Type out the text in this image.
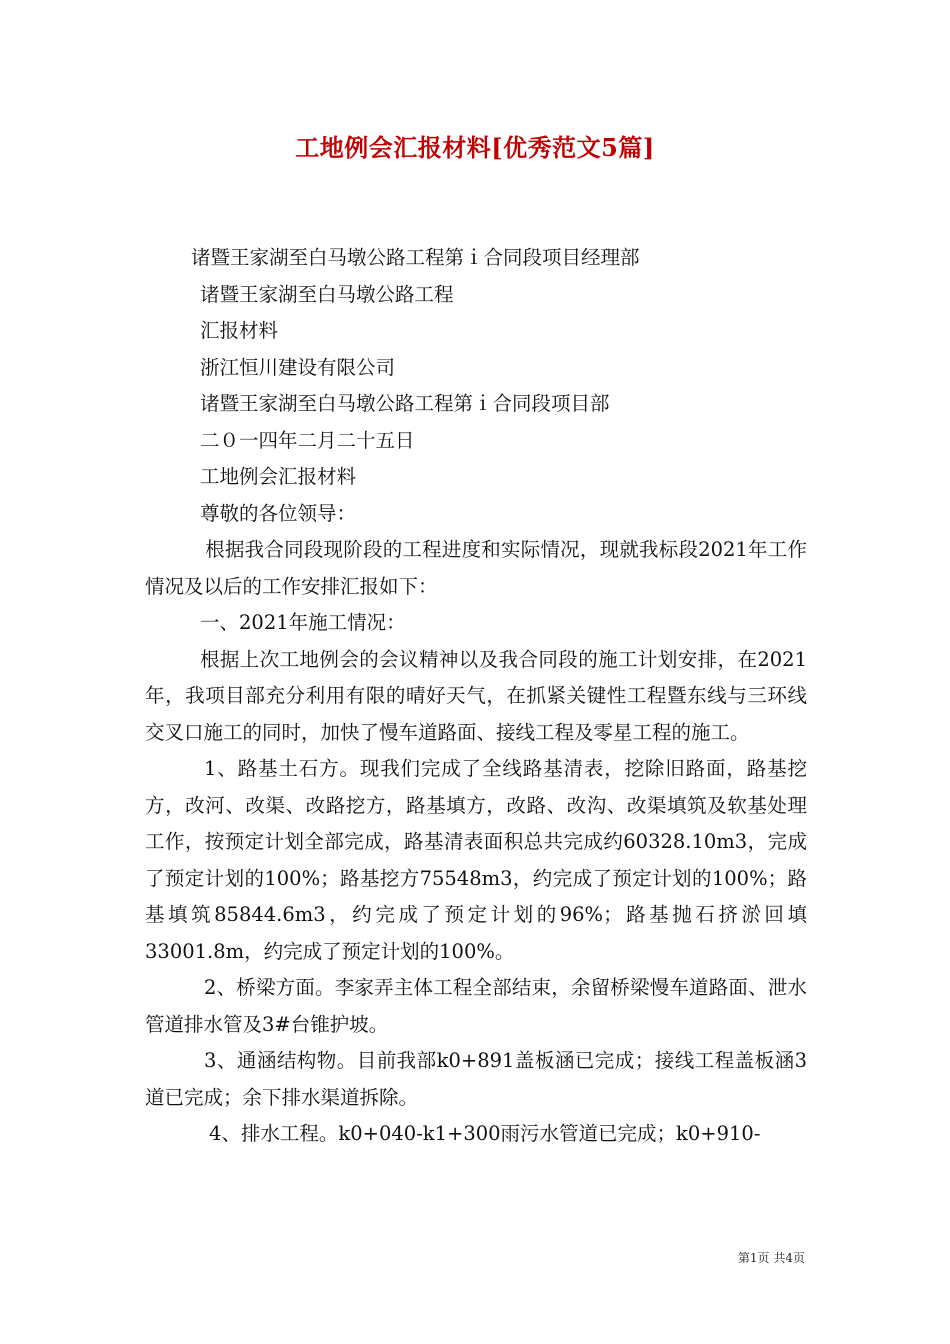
工地例会汇报材料[优秀范文5篇]

诸暨王家湖至白马墩公路工程第ｉ合同段项目经理部

诸暨王家湖至白马墩公路工程

汇报材料

浙江恒川建设有限公司

诸暨王家湖至白马墩公路工程第ｉ合同段项目部

二０一四年二月二十五日

工地例会汇报材料

尊敬的各位领导：

根据我合同段现阶段的工程进度和实际情况，现就我标段2021年工作情况及以后的工作安排汇报如下：

一、2021年施工情况：

根据上次工地例会的会议精神以及我合同段的施工计划安排，在2021年，我项目部充分利用有限的晴好天气，在抓紧关键性工程暨东线与三环线交叉口施工的同时，加快了慢车道路面、接线工程及零星工程的施工。

1、路基土石方。现我们完成了全线路基清表，挖除旧路面，路基挖方，改河、改渠、改路挖方，路基填方，改路、改沟、改渠填筑及软基处理工作，按预定计划全部完成，路基清表面积总共完成约60328.10m3，完成了预定计划的100%；路基挖方75548m3，约完成了预定计划的100%；路基填筑85844.6m3，约完成了预定计划的96%；路基抛石挤淤回填33001.8m，约完成了预定计划的100%。

2、桥梁方面。李家弄主体工程全部结束，余留桥梁慢车道路面、泄水管道排水管及3#台锥护坡。

3、通涵结构物。目前我部k0+891盖板涵已完成；接线工程盖板涵3道已完成；余下排水渠道拆除。

4、排水工程。k0+040-k1+300雨污水管道已完成；k0+910-

第1页 共4页
